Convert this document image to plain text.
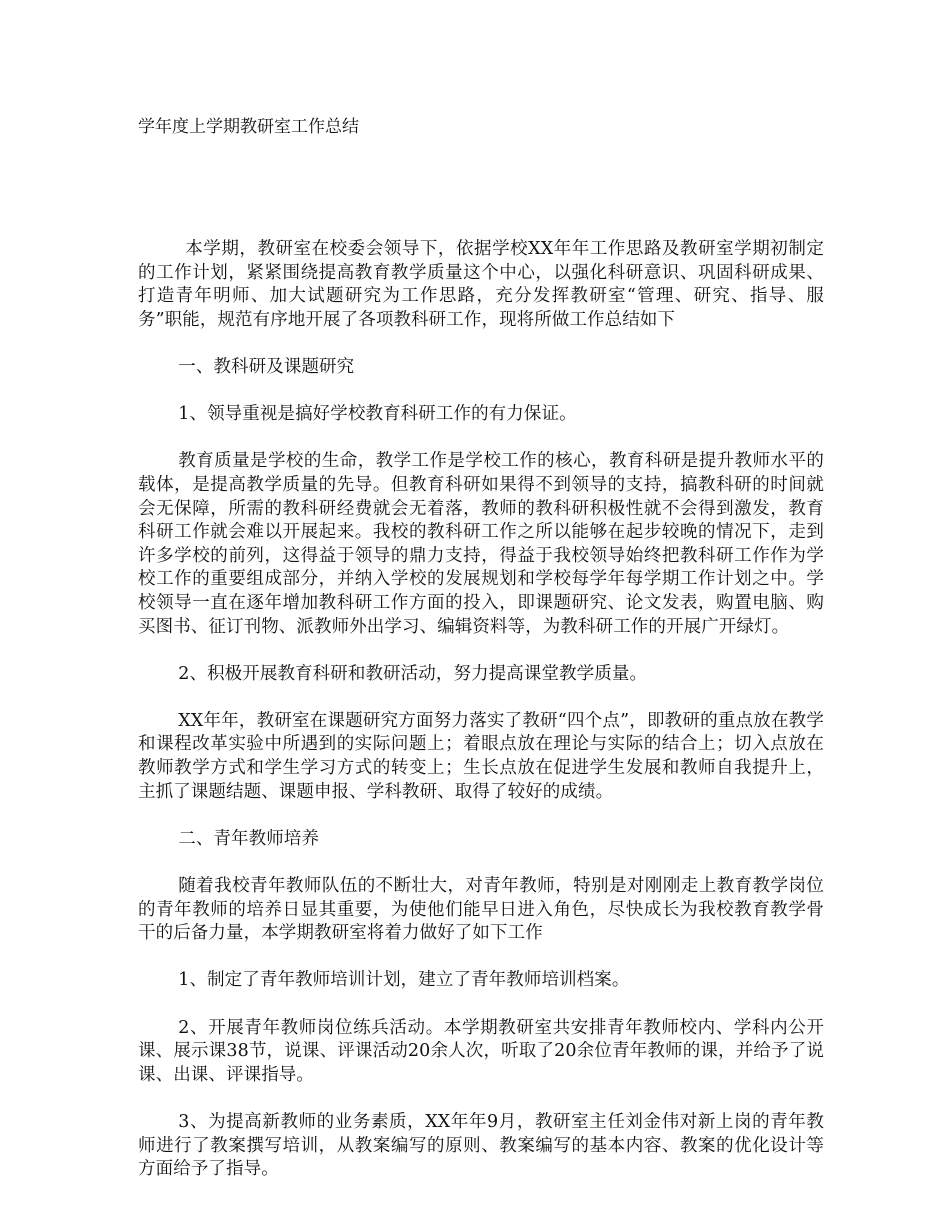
学年度上学期教研室工作总结

本学期，教研室在校委会领导下，依据学校XX年年工作思路及教研室学期初制定的工作计划，紧紧围绕提高教育教学质量这个中心，以强化科研意识、巩固科研成果、打造青年明师、加大试题研究为工作思路，充分发挥教研室“管理、研究、指导、服务”职能，规范有序地开展了各项教科研工作，现将所做工作总结如下

一、教科研及课题研究

1、领导重视是搞好学校教育科研工作的有力保证。

教育质量是学校的生命，教学工作是学校工作的核心，教育科研是提升教师水平的载体，是提高教学质量的先导。但教育科研如果得不到领导的支持，搞教科研的时间就会无保障，所需的教科研经费就会无着落，教师的教科研积极性就不会得到激发，教育科研工作就会难以开展起来。我校的教科研工作之所以能够在起步较晚的情况下，走到许多学校的前列，这得益于领导的鼎力支持，得益于我校领导始终把教科研工作作为学校工作的重要组成部分，并纳入学校的发展规划和学校每学年每学期工作计划之中。学校领导一直在逐年增加教科研工作方面的投入，即课题研究、论文发表，购置电脑、购买图书、征订刊物、派教师外出学习、编辑资料等，为教科研工作的开展广开绿灯。

2、积极开展教育科研和教研活动，努力提高课堂教学质量。

XX年年，教研室在课题研究方面努力落实了教研“四个点”，即教研的重点放在教学和课程改革实验中所遇到的实际问题上；着眼点放在理论与实际的结合上；切入点放在教师教学方式和学生学习方式的转变上；生长点放在促进学生发展和教师自我提升上，主抓了课题结题、课题申报、学科教研、取得了较好的成绩。

二、青年教师培养

随着我校青年教师队伍的不断壮大，对青年教师，特别是对刚刚走上教育教学岗位的青年教师的培养日显其重要，为使他们能早日进入角色，尽快成长为我校教育教学骨干的后备力量，本学期教研室将着力做好了如下工作

1、制定了青年教师培训计划，建立了青年教师培训档案。

2、开展青年教师岗位练兵活动。本学期教研室共安排青年教师校内、学科内公开课、展示课38节，说课、评课活动20余人次，听取了20余位青年教师的课，并给予了说课、出课、评课指导。

3、为提高新教师的业务素质，XX年年9月，教研室主任刘金伟对新上岗的青年教师进行了教案撰写培训，从教案编写的原则、教案编写的基本内容、教案的优化设计等方面给予了指导。
